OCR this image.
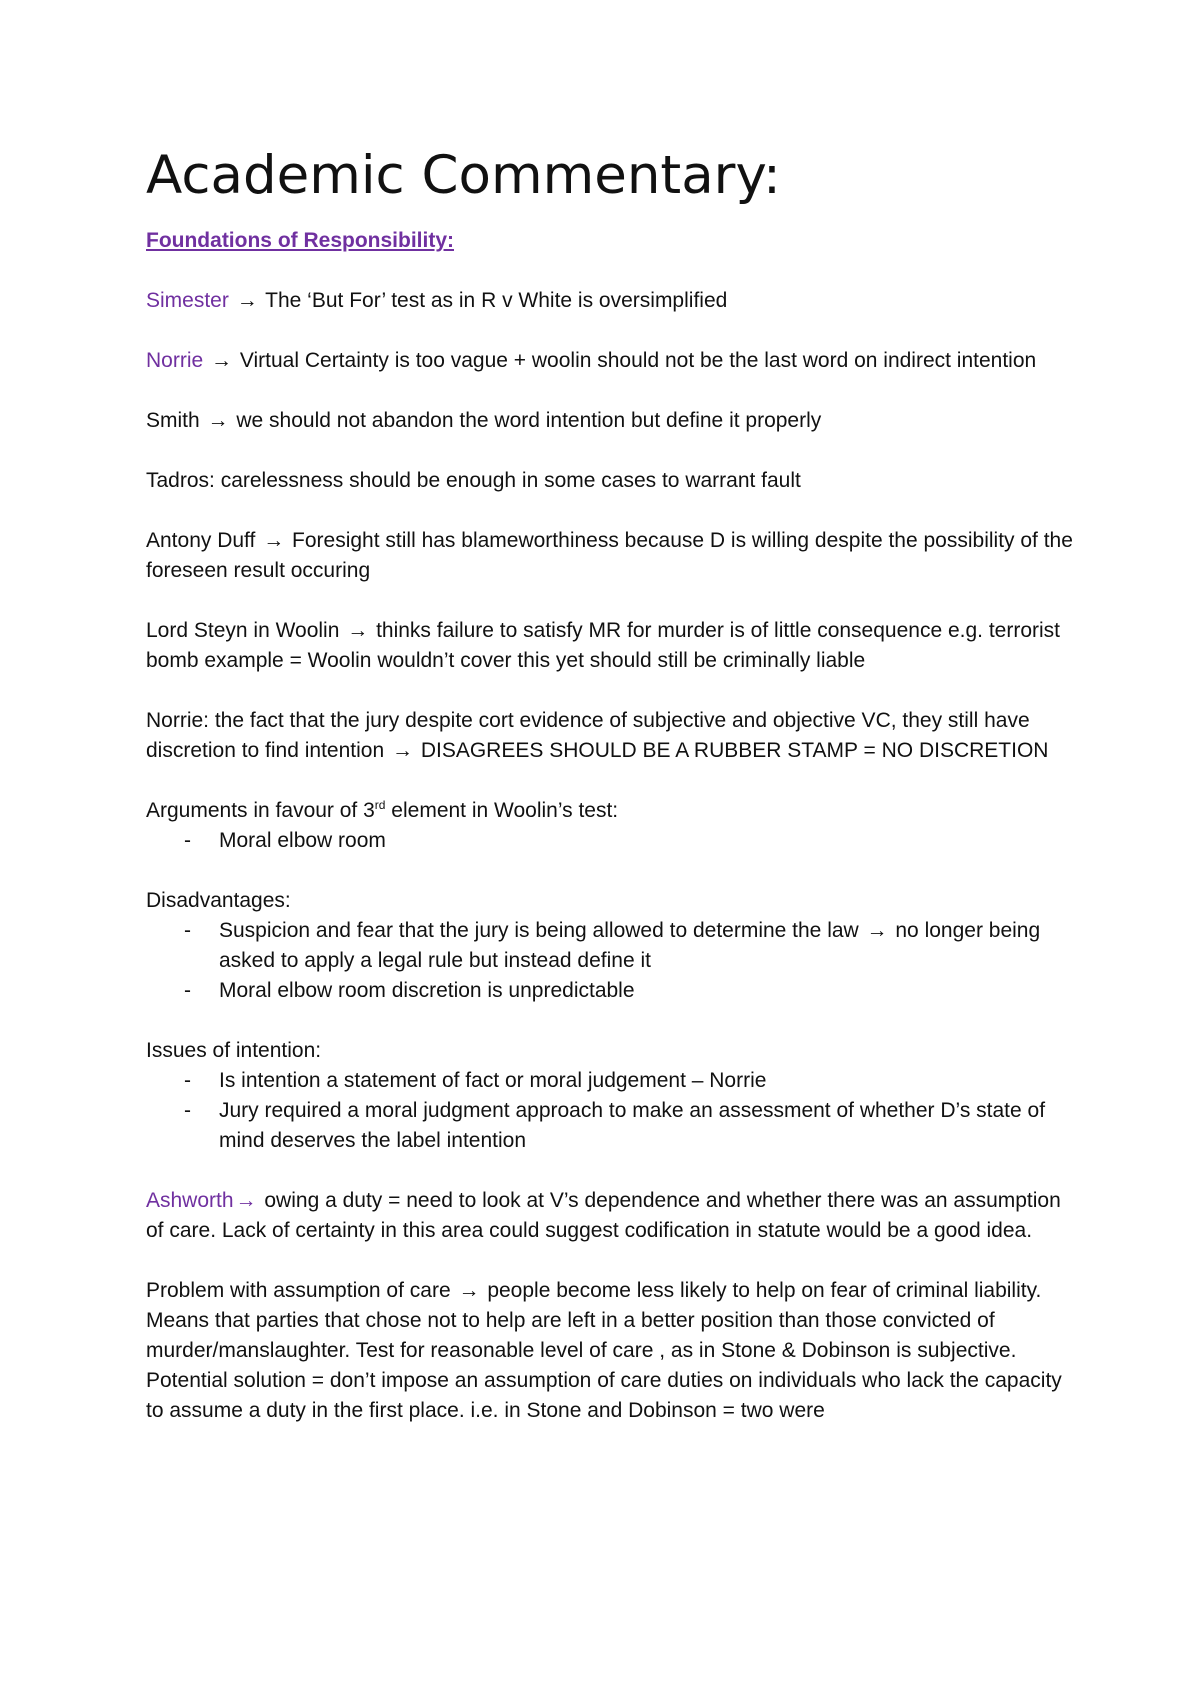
Academic Commentary:
Foundations of Responsibility:
Simester → The ‘But For’ test as in R v White is oversimplified
Norrie → Virtual Certainty is too vague + woolin should not be the last word on indirect intention
Smith → we should not abandon the word intention but define it properly
Tadros: carelessness should be enough in some cases to warrant fault
Antony Duff → Foresight still has blameworthiness because D is willing despite the possibility of the foreseen result occuring
Lord Steyn in Woolin → thinks failure to satisfy MR for murder is of little consequence e.g. terrorist bomb example = Woolin wouldn’t cover this yet should still be criminally liable
Norrie: the fact that the jury despite cort evidence of subjective and objective VC, they still have discretion to find intention → DISAGREES SHOULD BE A RUBBER STAMP = NO DISCRETION
Arguments in favour of 3rd element in Woolin’s test:
- Moral elbow room
Disadvantages:
- Suspicion and fear that the jury is being allowed to determine the law → no longer being asked to apply a legal rule but instead define it
- Moral elbow room discretion is unpredictable
Issues of intention:
- Is intention a statement of fact or moral judgement – Norrie
- Jury required a moral judgment approach to make an assessment of whether D’s state of mind deserves the label intention
Ashworth→ owing a duty = need to look at V’s dependence and whether there was an assumption of care. Lack of certainty in this area could suggest codification in statute would be a good idea.
Problem with assumption of care → people become less likely to help on fear of criminal liability. Means that parties that chose not to help are left in a better position than those convicted of murder/manslaughter. Test for reasonable level of care , as in Stone & Dobinson is subjective.
Potential solution = don’t impose an assumption of care duties on individuals who lack the capacity to assume a duty in the first place. i.e. in Stone and Dobinson = two were
